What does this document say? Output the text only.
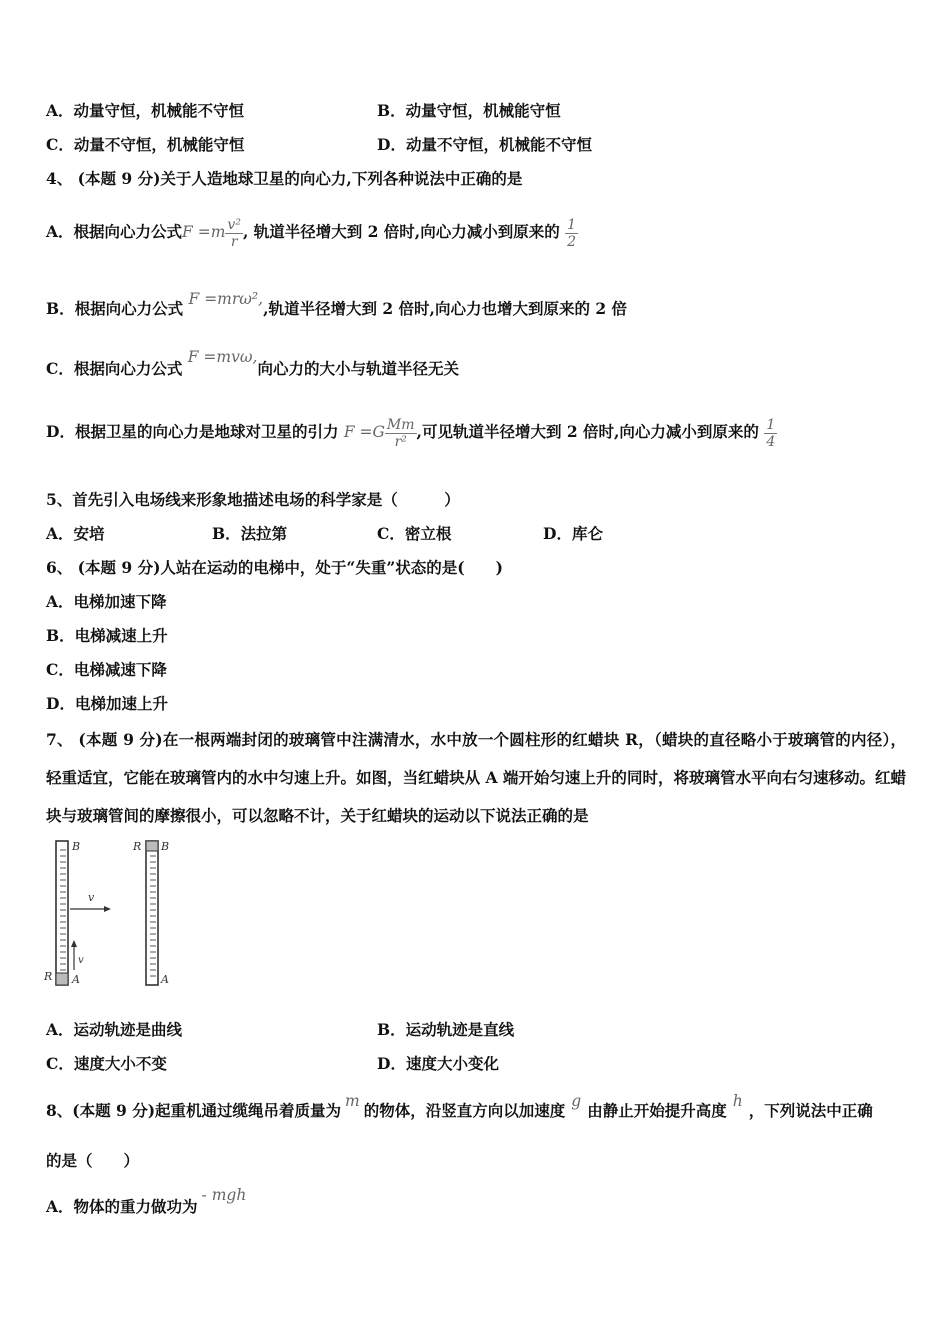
A．动量守恒，机械能不守恒	B．动量守恒，机械能守恒
C．动量不守恒，机械能守恒	D．动量不守恒，机械能不守恒
4、 (本题 9 分)关于人造地球卫星的向心力,下列各种说法中正确的是
A．根据向心力公式$F =m \frac{\text{v²}}{r}$ , 轨道半径增大到 2 倍时,向心力减小到原来的 $\frac{1}{2}$
B．根据向心力公式 F =mrω²,,轨道半径增大到 2 倍时,向心力也增大到原来的 2 倍
C．根据向心力公式 F =mvω,向心力的大小与轨道半径无关
D．根据卫星的向心力是地球对卫星的引力 $F =G \frac{Mm}{\text{r²}}$ ,可见轨道半径增大到 2 倍时,向心力减小到原来的 $\frac{1}{4}$
5、首先引入电场线来形象地描述电场的科学家是（　　　）
A．安培	B．法拉第	C．密立根	D．库仑
6、 (本题 9 分)人站在运动的电梯中，处于“失重”状态的是(　　)
A．电梯加速下降
B．电梯减速上升
C．电梯减速下降
D．电梯加速上升
7、 (本题 9 分)在一根两端封闭的玻璃管中注满清水，水中放一个圆柱形的红蜡块 R，（蜡块的直径略小于玻璃管的内径），轻重适宜，它能在玻璃管内的水中匀速上升。如图，当红蜡块从 A 端开始匀速上升的同时，将玻璃管水平向右匀速移动。红蜡块与玻璃管间的摩擦很小，可以忽略不计，关于红蜡块的运动以下说法正确的是
B
A
R
v
v
B
A
R
A．运动轨迹是曲线	B．运动轨迹是直线
C．速度大小不变	D．速度大小变化
8、(本题 9 分)起重机通过缆绳吊着质量为 m 的物体，沿竖直方向以加速度 g 由静止开始提升高度 h ，下列说法中正确
的是（　　）
A．物体的重力做功为- mgh
